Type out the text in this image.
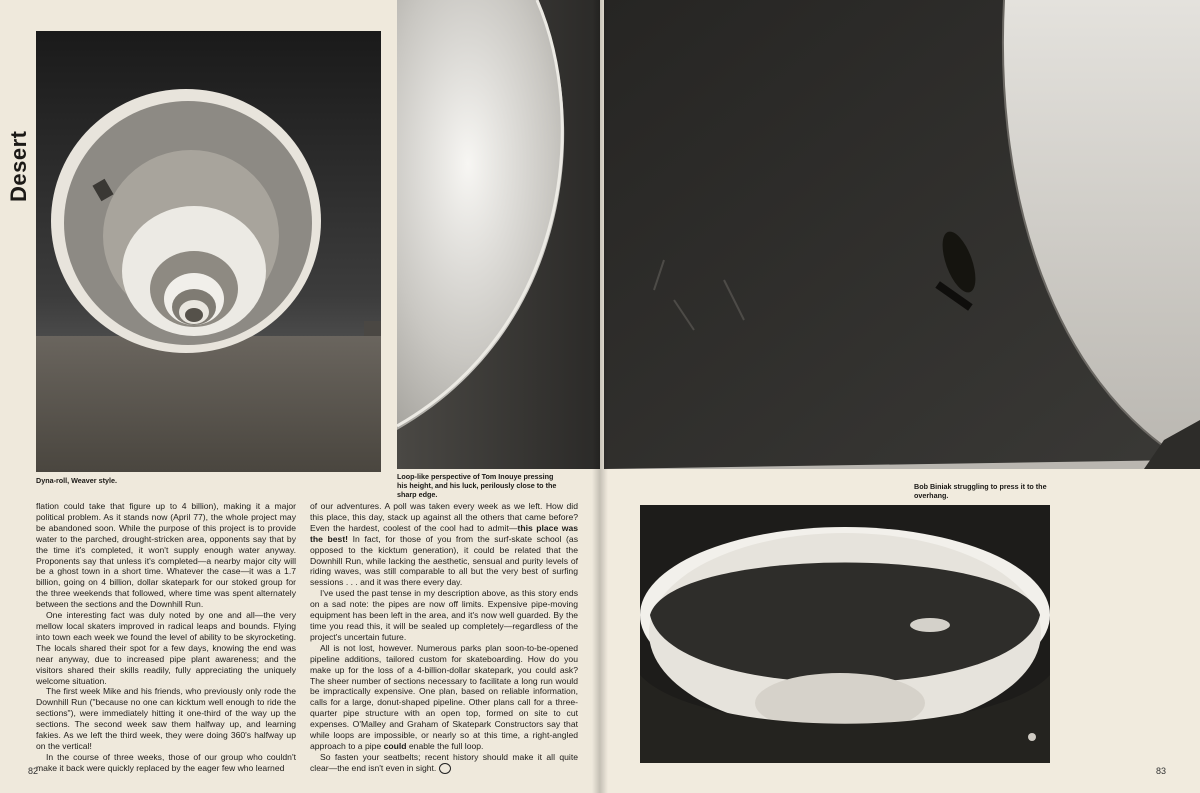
Desert
Dyna-roll, Weaver style.	Loop-like perspective of Tom Inouye pressing his height, and his luck, perilously close to the sharp edge.
Bob Biniak struggling to press it to the overhang.

flation could take that figure up to 4 billion), making it a major political problem. As it stands now (April 77), the whole project may be abandoned soon. While the purpose of this project is to provide water to the parched, drought-stricken area, opponents say that by the time it's completed, it won't supply enough water anyway. Proponents say that unless it's completed—a nearby major city will be a ghost town in a short time. Whatever the case—it was a 1.7 billion, going on 4 billion, dollar skatepark for our stoked group for the three weekends that followed, where time was spent alternately between the sections and the Downhill Run.

One interesting fact was duly noted by one and all—the very mellow local skaters improved in radical leaps and bounds. Flying into town each week we found the level of ability to be skyrocketing. The locals shared their spot for a few days, knowing the end was near anyway, due to increased pipe plant awareness; and the visitors shared their skills readily, fully appreciating the uniquely welcome situation.

The first week Mike and his friends, who previously only rode the Downhill Run ("because no one can kicktum well enough to ride the sections"), were immediately hitting it one-third of the way up the sections. The second week saw them halfway up, and learning fakies. As we left the third week, they were doing 360's halfway up on the vertical!

In the course of three weeks, those of our group who couldn't make it back were quickly replaced by the eager few who learned

of our adventures. A poll was taken every week as we left. How did this place, this day, stack up against all the others that came before? Even the hardest, coolest of the cool had to admit—this place was the best! In fact, for those of you from the surf-skate school (as opposed to the kicktum generation), it could be related that the Downhill Run, while lacking the aesthetic, sensual and purity levels of riding waves, was still comparable to all but the very best of surfing sessions . . . and it was there every day.

I've used the past tense in my description above, as this story ends on a sad note: the pipes are now off limits. Expensive pipe-moving equipment has been left in the area, and it's now well guarded. By the time you read this, it will be sealed up completely—regardless of the project's uncertain future.

All is not lost, however. Numerous parks plan soon-to-be-opened pipeline additions, tailored custom for skateboarding. How do you make up for the loss of a 4-billion-dollar skatepark, you could ask? The sheer number of sections necessary to facilitate a long run would be impractically expensive. One plan, based on reliable information, calls for a large, donut-shaped pipeline. Other plans call for a three-quarter pipe structure with an open top, formed on site to cut expenses. O'Malley and Graham of Skatepark Constructors say that while loops are impossible, or nearly so at this time, a right-angled approach to a pipe could enable the full loop.

So fasten your seatbelts; recent history should make it all quite clear—the end isn't even in sight.

82	83
